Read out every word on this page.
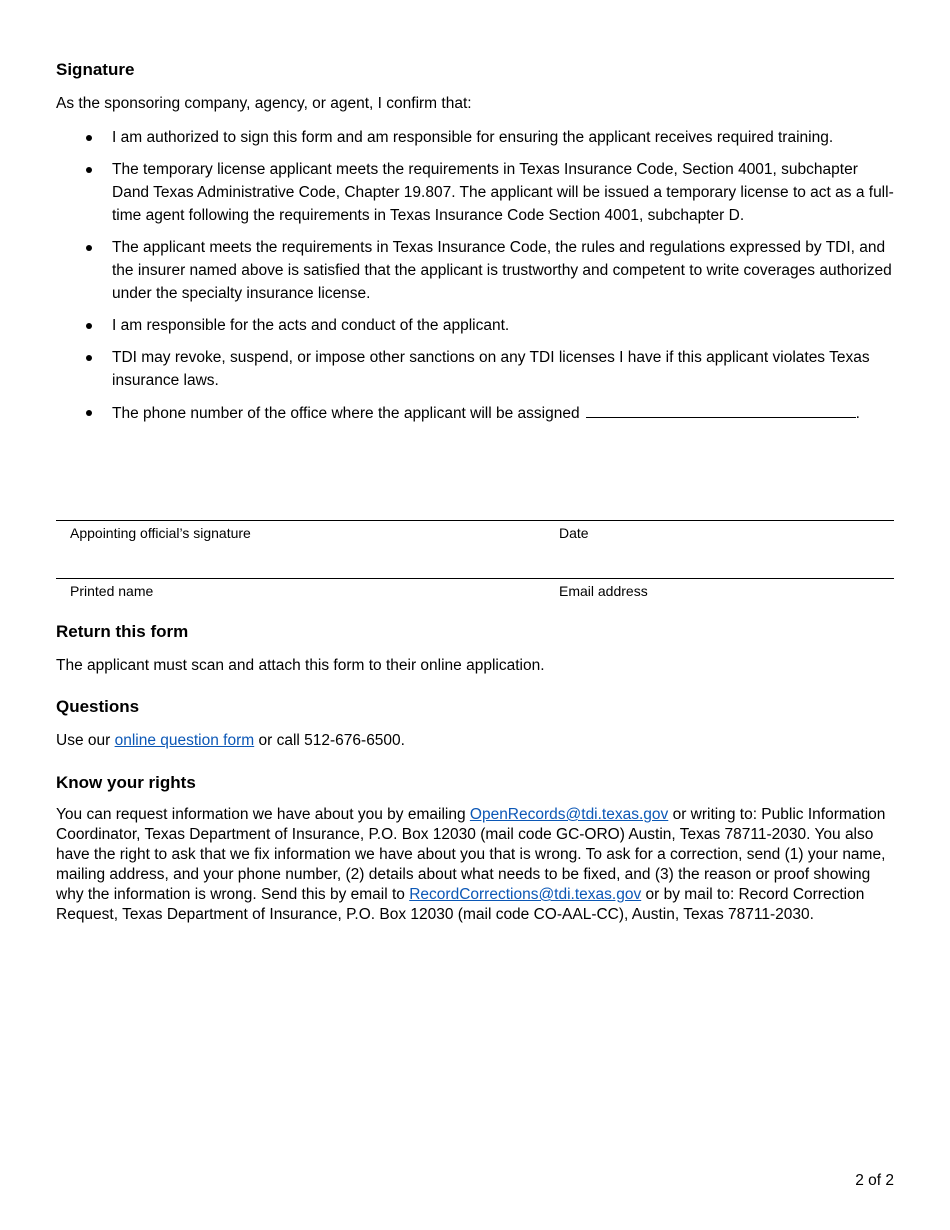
Signature

As the sponsoring company, agency, or agent, I confirm that:

I am authorized to sign this form and am responsible for ensuring the applicant receives required training.
The temporary license applicant meets the requirements in Texas Insurance Code, Section 4001, subchapter Dand Texas Administrative Code, Chapter 19.807. The applicant will be issued a temporary license to act as a full-time agent following the requirements in Texas Insurance Code Section 4001, subchapter D.
The applicant meets the requirements in Texas Insurance Code, the rules and regulations expressed by TDI, and the insurer named above is satisfied that the applicant is trustworthy and competent to write coverages authorized under the specialty insurance license.
I am responsible for the acts and conduct of the applicant.
TDI may revoke, suspend, or impose other sanctions on any TDI licenses I have if this applicant violates Texas insurance laws.
The phone number of the office where the applicant will be assigned	.
Return this form

The applicant must scan and attach this form to their online application.

Questions

Use our online question form or call 512-676-6500.

Know your rights

You can request information we have about you by emailing OpenRecords@tdi.texas.gov or writing to: Public Information Coordinator, Texas Department of Insurance, P.O. Box 12030 (mail code GC-ORO) Austin, Texas 78711-2030. You also have the right to ask that we fix information we have about you that is wrong. To ask for a correction, send (1) your name, mailing address, and your phone number, (2) details about what needs to be fixed, and (3) the reason or proof showing why the information is wrong. Send this by email to RecordCorrections@tdi.texas.gov or by mail to: Record Correction Request, Texas Department of Insurance, P.O. Box 12030 (mail code CO-AAL-CC), Austin, Texas 78711-2030.

Appointing official’s signature	Date
Printed name	Email address
2 of 2
